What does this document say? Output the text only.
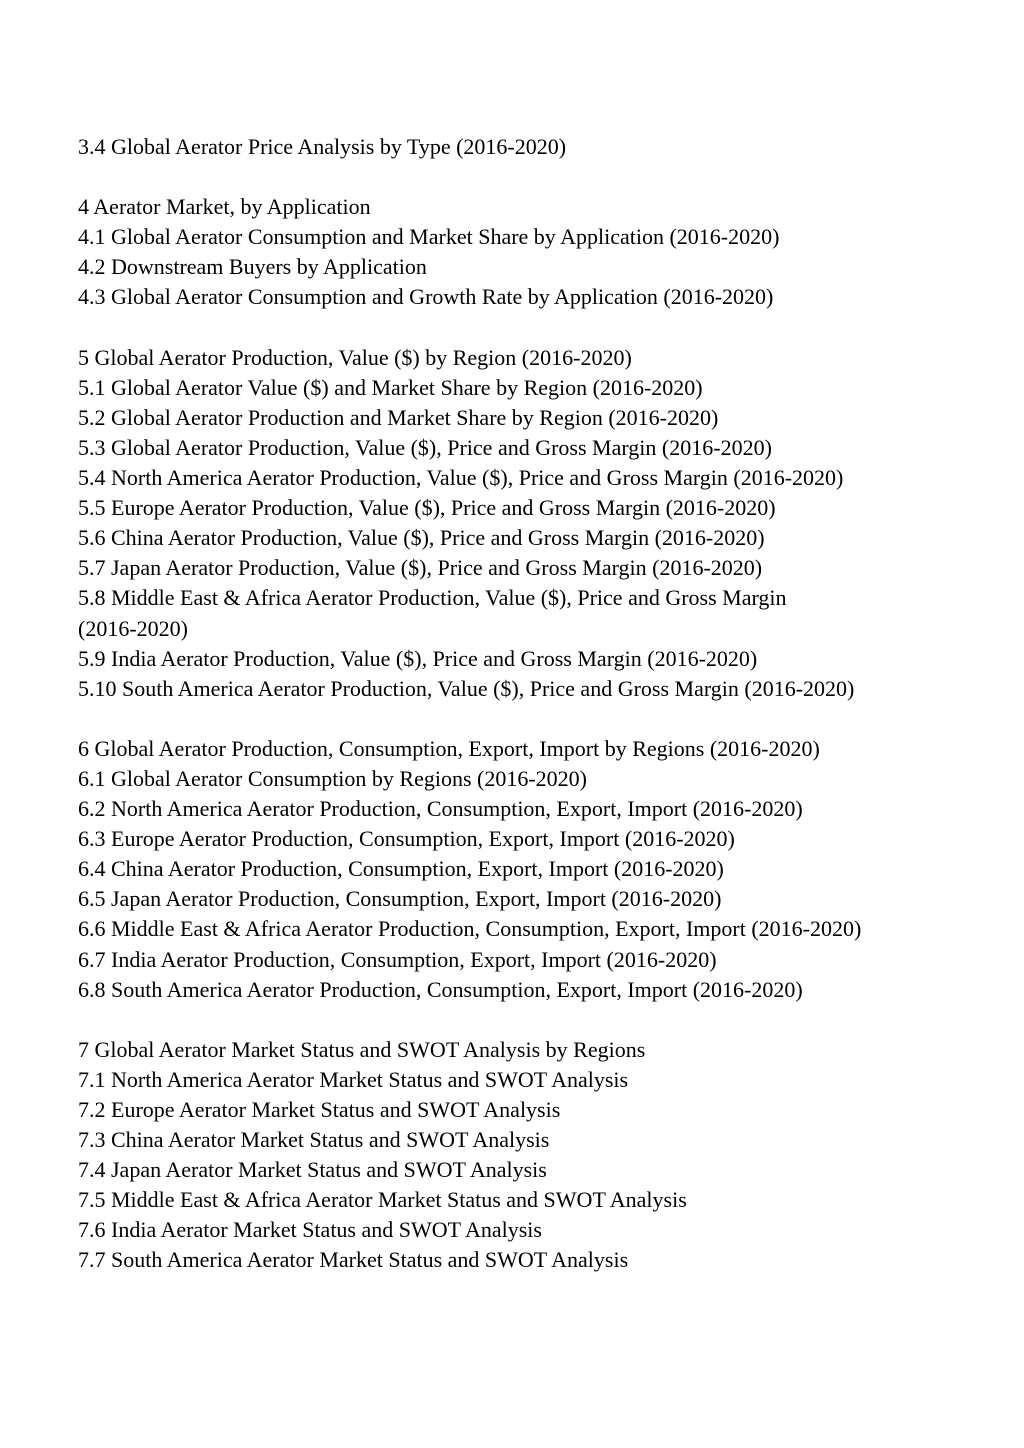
3.4 Global Aerator Price Analysis by Type (2016-2020)
4 Aerator Market, by Application
4.1 Global Aerator Consumption and Market Share by Application (2016-2020)
4.2 Downstream Buyers by Application
4.3 Global Aerator Consumption and Growth Rate by Application (2016-2020)
5 Global Aerator Production, Value ($) by Region (2016-2020)
5.1 Global Aerator Value ($) and Market Share by Region (2016-2020)
5.2 Global Aerator Production and Market Share by Region (2016-2020)
5.3 Global Aerator Production, Value ($), Price and Gross Margin (2016-2020)
5.4 North America Aerator Production, Value ($), Price and Gross Margin (2016-2020)
5.5 Europe Aerator Production, Value ($), Price and Gross Margin (2016-2020)
5.6 China Aerator Production, Value ($), Price and Gross Margin (2016-2020)
5.7 Japan Aerator Production, Value ($), Price and Gross Margin (2016-2020)
5.8 Middle East & Africa Aerator Production, Value ($), Price and Gross Margin
(2016-2020)
5.9 India Aerator Production, Value ($), Price and Gross Margin (2016-2020)
5.10 South America Aerator Production, Value ($), Price and Gross Margin (2016-2020)
6 Global Aerator Production, Consumption, Export, Import by Regions (2016-2020)
6.1 Global Aerator Consumption by Regions (2016-2020)
6.2 North America Aerator Production, Consumption, Export, Import (2016-2020)
6.3 Europe Aerator Production, Consumption, Export, Import (2016-2020)
6.4 China Aerator Production, Consumption, Export, Import (2016-2020)
6.5 Japan Aerator Production, Consumption, Export, Import (2016-2020)
6.6 Middle East & Africa Aerator Production, Consumption, Export, Import (2016-2020)
6.7 India Aerator Production, Consumption, Export, Import (2016-2020)
6.8 South America Aerator Production, Consumption, Export, Import (2016-2020)
7 Global Aerator Market Status and SWOT Analysis by Regions
7.1 North America Aerator Market Status and SWOT Analysis
7.2 Europe Aerator Market Status and SWOT Analysis
7.3 China Aerator Market Status and SWOT Analysis
7.4 Japan Aerator Market Status and SWOT Analysis
7.5 Middle East & Africa Aerator Market Status and SWOT Analysis
7.6 India Aerator Market Status and SWOT Analysis
7.7 South America Aerator Market Status and SWOT Analysis
